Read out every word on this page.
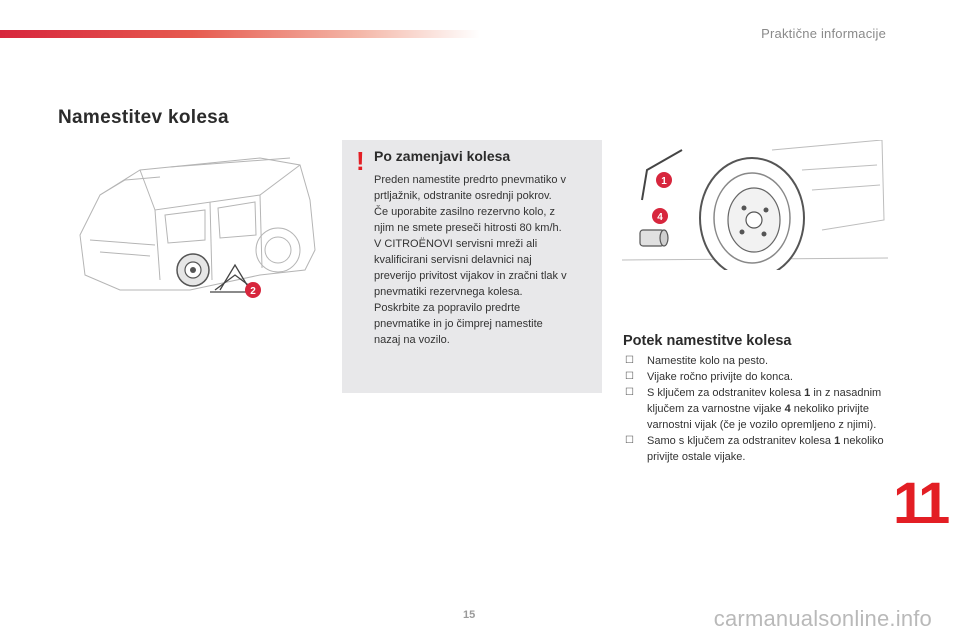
Praktične informacije
Namestitev kolesa
2
! Po zamenjavi kolesa
Preden namestite predrto pnevmatiko v
prtljažnik, odstranite osrednji pokrov.
Če uporabite zasilno rezervno kolo, z
njim ne smete preseči hitrosti 80 km/h.
V CITROËNOVI servisni mreži ali
kvalificirani servisni delavnici naj
preverijo privitost vijakov in zračni tlak v
pnevmatiki rezervnega kolesa.
Poskrbite za popravilo predrte
pnevmatike in jo čimprej namestite
nazaj na vozilo.
1
4
Potek namestitve kolesa
☐ Namestite kolo na pesto.
☐ Vijake ročno privijte do konca.
☐ S ključem za odstranitev kolesa 1 in z nasadnim ključem za varnostne vijake 4 nekoliko privijte varnostni vijak (če je vozilo opremljeno z njimi).
☐ Samo s ključem za odstranitev kolesa 1 nekoliko privijte ostale vijake.
11
15	carmanualsonline.info
